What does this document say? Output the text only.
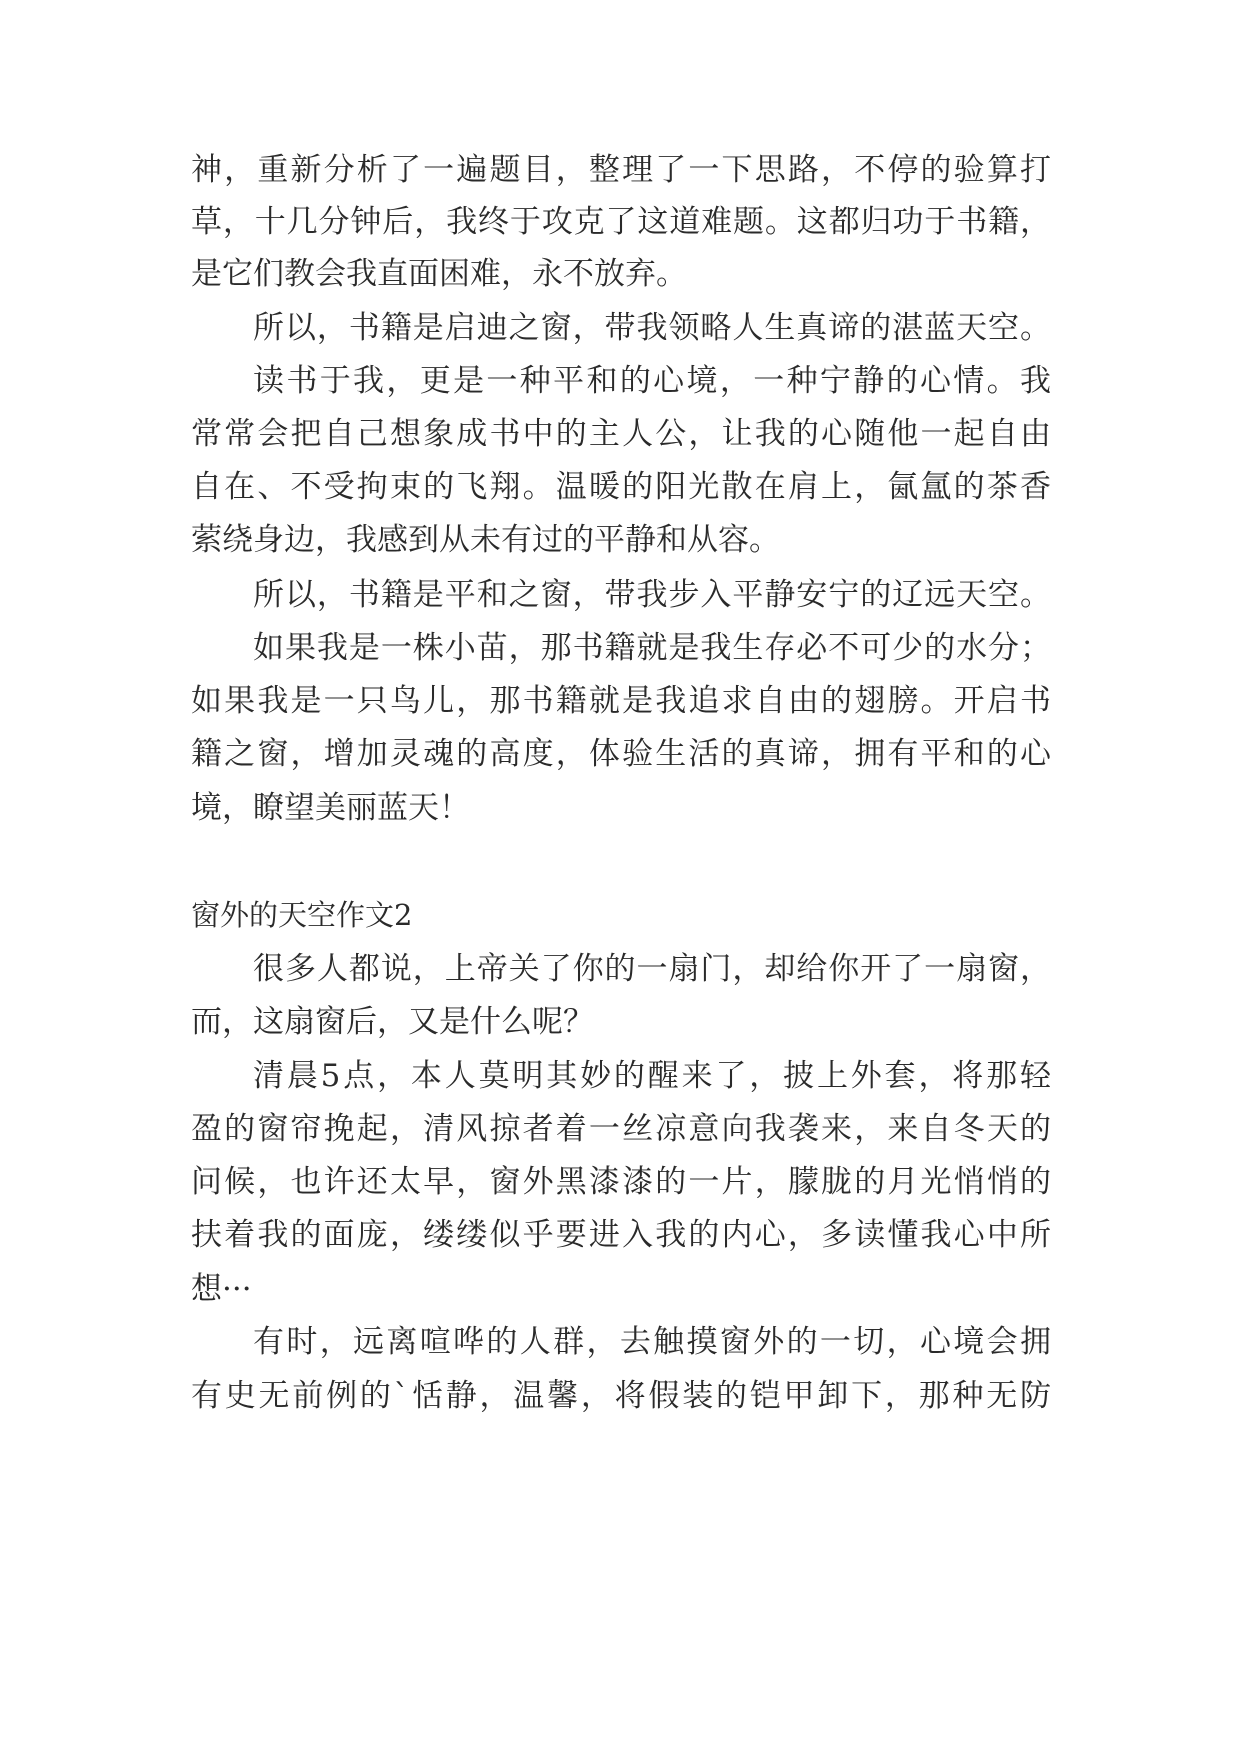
神，重新分析了一遍题目，整理了一下思路，不停的验算打

草，十几分钟后，我终于攻克了这道难题。这都归功于书籍，

是它们教会我直面困难，永不放弃。

所以，书籍是启迪之窗，带我领略人生真谛的湛蓝天空。

读书于我，更是一种平和的心境，一种宁静的心情。我

常常会把自己想象成书中的主人公，让我的心随他一起自由

自在、不受拘束的飞翔。温暖的阳光散在肩上，氤氲的茶香

萦绕身边，我感到从未有过的平静和从容。

所以，书籍是平和之窗，带我步入平静安宁的辽远天空。

如果我是一株小苗，那书籍就是我生存必不可少的水分；

如果我是一只鸟儿，那书籍就是我追求自由的翅膀。开启书

籍之窗，增加灵魂的高度，体验生活的真谛，拥有平和的心

境，瞭望美丽蓝天！

窗外的天空作文2

很多人都说，上帝关了你的一扇门，却给你开了一扇窗，

而，这扇窗后，又是什么呢？

清晨5点，本人莫明其妙的醒来了，披上外套，将那轻

盈的窗帘挽起，清风掠者着一丝凉意向我袭来，来自冬天的

问候，也许还太早，窗外黑漆漆的一片，朦胧的月光悄悄的

扶着我的面庞，缕缕似乎要进入我的内心，多读懂我心中所

想···

有时，远离喧哗的人群，去触摸窗外的一切，心境会拥

有史无前例的`恬静，温馨，将假装的铠甲卸下，那种无防
